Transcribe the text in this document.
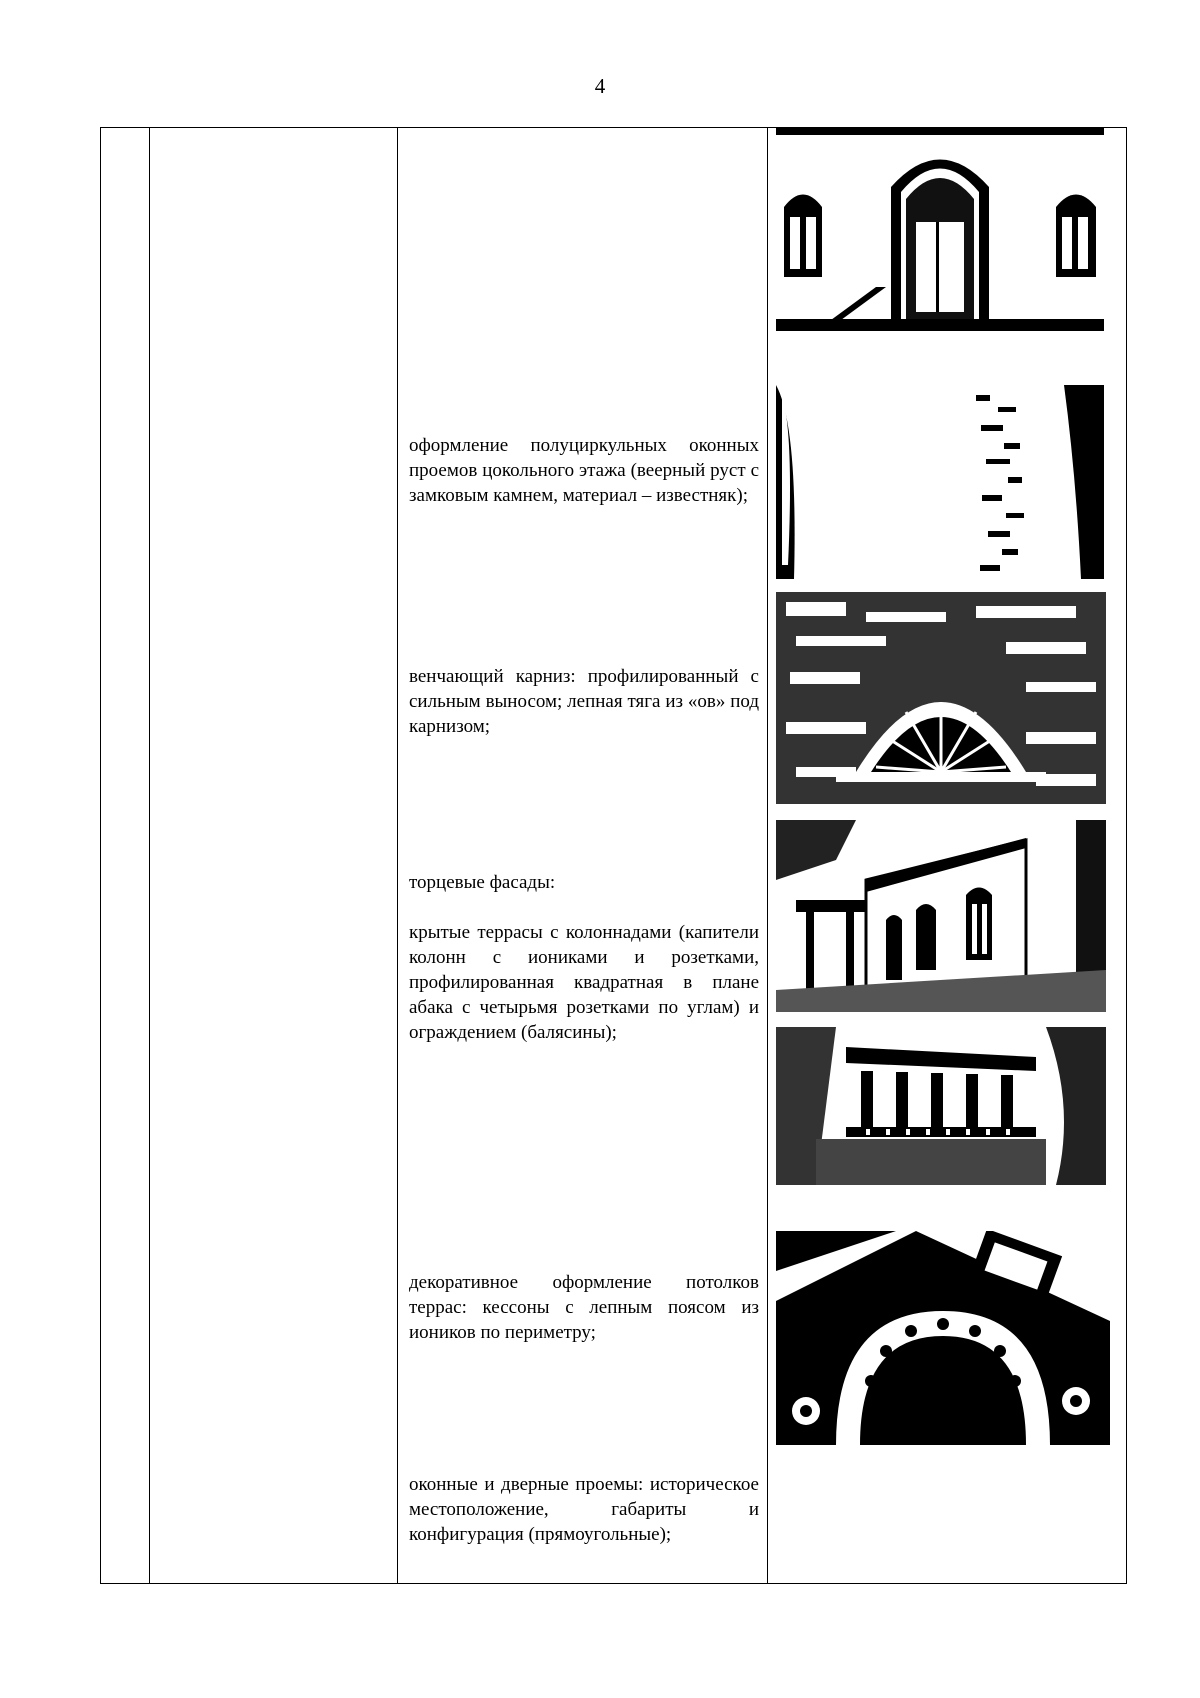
4

оформление полуциркульных оконных проемов цокольного этажа (веерный руст с замковым камнем, материал – известняк);

венчающий карниз: профилированный с сильным выносом; лепная тяга из «ов» под карнизом;

торцевые фасады:

крытые террасы с колоннадами (капители колонн с иониками и розетками, профилированная квадратная в плане абака с четырьмя розетками по углам) и ограждением (балясины);

декоративное оформление потолков террас: кессоны с лепным поясом из иоников по периметру;

оконные и дверные проемы: историческое местоположение, габариты и конфигурация (прямоугольные);
